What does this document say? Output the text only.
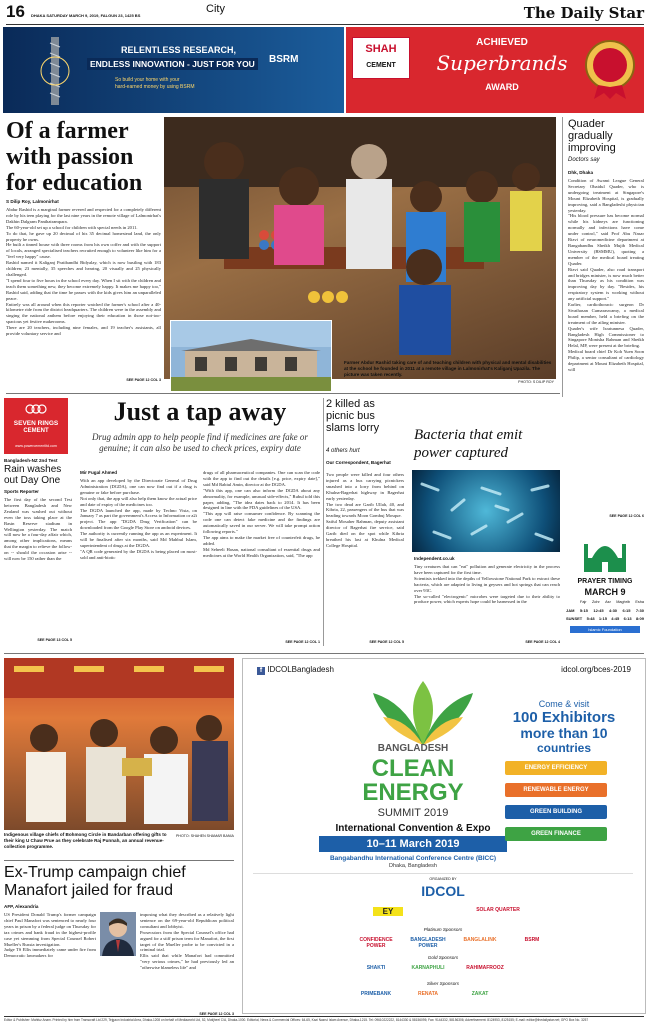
16 DHAKA SATURDAY MARCH 9, 2019, FALGUN 23, 1425 BS
City	The Daily Star
RELENTLESS RESEARCH,
ENDLESS INNOVATION - JUST FOR YOU
So build your home with your
hard-earned money by using BSRM
BSRM
SHAH
CEMENT
ACHIEVED
Superbrands
AWARD
Of a farmer with passion for education
S Dilip Roy, Lalmonirhat
Abdur Rashid is a marginal farmer revered and respected for a completely different role by his teen playing for the last nine years in the remote village of Lalmonirhat's Dakhin Dalgram Panihatrampara.
The 60-year-old set up a school for children with special needs in 2011.
To do that, he gave up 20 decimal of his 35 decimal homestead land, the only property he owns.
He built a tinned house with three rooms from his own coffer and with the support of locals, arranged specialised teachers recruited enough to volunteer like him for a "feel very happy" cause.
Rashid named it Kaliganj Pratibandhi Bidyalay, which is now bustling with 183 children; 23 mentally, 35 speeches and hearing, 20 visually and 25 physically challenged.
"I spend four to five hours in the school every day. When I sit with the children and teach them something new, they become extremely happy. It makes me happy too," Rashid said, adding that the time he passes with the kids gives him an unparalleled peace.
Entirely was all around when this reporter watched the farmer's school after a 40-kilometre ride from the district headquarters. The children were in the assembly and singing the national anthem before enjoying their education in those not-too-spacious yet festive makerooms.
There are 20 teachers, including nine females, and 19 teacher's assistants, all provide voluntary service and
SEE PAGE 12 COL 3
Farmer Abdur Rashid taking care of and teaching children with physical and mental disabilities at the school he founded in 2011 at a remote village in Lalmonirhat's Kaliganj Upazila. The picture was taken recently.
PHOTO: S DILIP ROY
Quader gradually improving
Doctors say
Dhk, Dhaka
Condition of Awami League General Secretary Obaidul Quader, who is undergoing treatment at Singapore's Mount Elizabeth Hospital, is gradually improving, said a Bangladeshi physician yesterday.
"His blood pressure has become normal while his kidneys are functioning normally and infections have come under control," said Prof Abu Nasar Rizvi of neuromedicine department at Bangabandhu Sheikh Mujib Medical University (BSMMU), quoting a member of the medical board treating Quader.
Rizvi said Quader, also road transport and bridges minister, is now much better than Thursday as his condition was improving day by day. "Besides, his respiratory system is working without any artificial support."
Earlier, cardiothoracic surgeon Dr Sivathasan Cumaraswamy, a medical board member, held a briefing on the treatment of the ailing minister.
Quader's wife Isratunnesa Quader, Bangladesh High Commissioner to Singapore Monisha Rahman and Sheikh Helal, MP, were present at the briefing.
Medical board chief Dr Koh Yuen Soon Philip, a senior consultant of cardiology department at Mount Elizabeth Hospital, will
SEE PAGE 12 COL 6
SEVEN RINGS
CEMENT
www.powercementltd.com
Bangladesh-NZ 2nd Test
Rain washes out Day One
Sports Reporter
The first day of the second Test between Bangladesh and New Zealand was washed out without even the toss taking place at the Basin Reserve stadium in Wellington yesterday. The match will now be a four-day affair which, among other implications, means that the margin to relieve the follow-on -- should the occasion arise -- will now be 150 rather than the
SEE PAGE 13 COL 5
Just a tap away
Drug admin app to help people find if medicines are fake or genuine; it can also be used to check prices, expiry date
Mir Fugal Ahmed
With an app developed by the Directorate General of Drug Administration (DGDA), one can now find out if a drug is genuine or fake before purchase.
Not only that, the app will also help them know the actual price and date of expiry of the medicines too.
The DGDA launched the app, made by Techno Vista, on January 7 as part the government's Access to Information or a2i project. The app "DGDA Drug Verification" can be downloaded from the Google Play Store on android devices.
The authority is currently running the app as an experiment. It will be finalised after six months, said Md Mahbul Islam, superintendent of drugs at the DGDA.
"A QR code generated by the DGDA is being placed on most-sold and anti-biotic
drugs of all pharmaceutical companies. One can scan the code with the app to find out the details [e.g. price, expiry date]," said Md Rabiul Amin, director at the DGDA.
"With this app, one can also inform the DGDA about any abnormality, for example, unusual side-effects," Rubul told this paper, adding, "The idea dates back to 2014. It has been designed in line with the FDA guidelines of the USA.
"This app will raise consumer confidence. By scanning the code one can detect fake medicine and the findings are automatically saved in our server. We will take prompt action following reports."
The app aims to make the market free of counterfeit drugs, he added.
Md Seheeli Hasan, national consultant of essential drugs and medicines at the World Health Organization, said, "The app
SEE PAGE 12 COL 1
2 killed as picnic bus slams lorry
4 others hurt
Our Correspondent, Bagerhat
Two people were killed and four others injured as a bus carrying picnickers smashed into a lorry from behind on Khulna-Bagerhat highway in Bagerhat early yesterday.
The two dead are Garib Ullah, 40, and Kibria, 22, passengers of the bus that was heading towards Moon Gombuj Mosque.
Saiful Mosaher Rahman, deputy assistant director of Bagerhat fire service, said Garib died on the spot while Kibria breathed his last at Khulna Medical College Hospital.
SEE PAGE 12 COL 5
Bacteria that emit power captured
Independent.co.uk
Tiny creatures that can "eat" pollution and generate electricity in the process have been captured for the first time.
Scientists trekked into the depths of Yellowstone National Park to extract these bacteria, which are adapted to living in geysers and hot springs that can reach over 93C.
The so-called "electrogenic" microbes were targeted due to their ability to produce power, which experts hope could be harnessed in the
SEE PAGE 12 COL 4
PRAYER TIMING
MARCH 9
Fajr Zohr Asr Maghrib Esha
JAM 5:15 12:45 4:30 6:15 7:30
SUNSET 5:48 1:15 4:45 6:13 8:09
Islamic Foundation
Indigenous village chiefs of Bohmong Circle in Bandarban offering gifts to their king U Chaw Prue as they celebrate Raj Punnah, an annual revenue-collection programme.
PHOTO: SHAHEN SHAMAR BANIA
Ex-Trump campaign chief Manafort jailed for fraud
AFP, Alexandria
US President Donald Trump's former campaign chief Paul Manafort was sentenced to nearly four years in prison by a federal judge on Thursday for tax crimes and bank fraud in the highest-profile case yet stemming from Special Counsel Robert Mueller's Russia investigation.
Judge TS Ellis immediately came under fire from Democratic lawmakers for
imposing what they described as a relatively light sentence on the 69-year-old Republican political consultant and lobbyist.
Prosecutors from the Special Counsel's office had argued for a stiff prison term for Manafort, the first target of the Mueller probe to be convicted in a criminal trial.
Ellis said that while Manafort had committed "very serious crimes," he had previously led an "otherwise blameless life" and
SEE PAGE 12 COL 3
f IDCOLBangladesh	idcol.org/bces-2019
BANGLADESH
CLEAN
ENERGY
SUMMIT 2019
International Convention & Expo
10–11 March 2019
Bangabandhu International Conference Centre (BICC)
Dhaka, Bangladesh
Come & visit
100 Exhibitors
more than 10
countries
ENERGY EFFICIENCY
RENEWABLE ENERGY
GREEN BUILDING
GREEN FINANCE
ORGANIZED BY
IDCOL
EY	SOLAR QUARTER
Platinum Sponsors
CONFIDENCE POWER
BANGLADESH POWER
BANGLALINK	BSRM
Gold Sponsors
SHAKTI	KARNAPHULI	RAHIMAFROOZ
Silver Sponsors
PRIMEBANK	RENATA	ZAKAT
Editor & Publisher: Mahfuz Anam. Printed by him from Transcraft Ltd 229, Tejgaon Industrial Area, Dhaka-1208 on behalf of Mediaworld Ltd, 52, Motijheel C/A, Dhaka-1000. Editorial, News & Commercial Offices: 64-65, Kazi Nazrul Islam Avenue, Dhaka-1215. Tel: 09610222222, 8144330 & 58156095; Fax: 9144332, 58156306; Advertisement: 8124953, 8125155; E-mail: editor@thedailystar.net; GPO Box No. 3257
